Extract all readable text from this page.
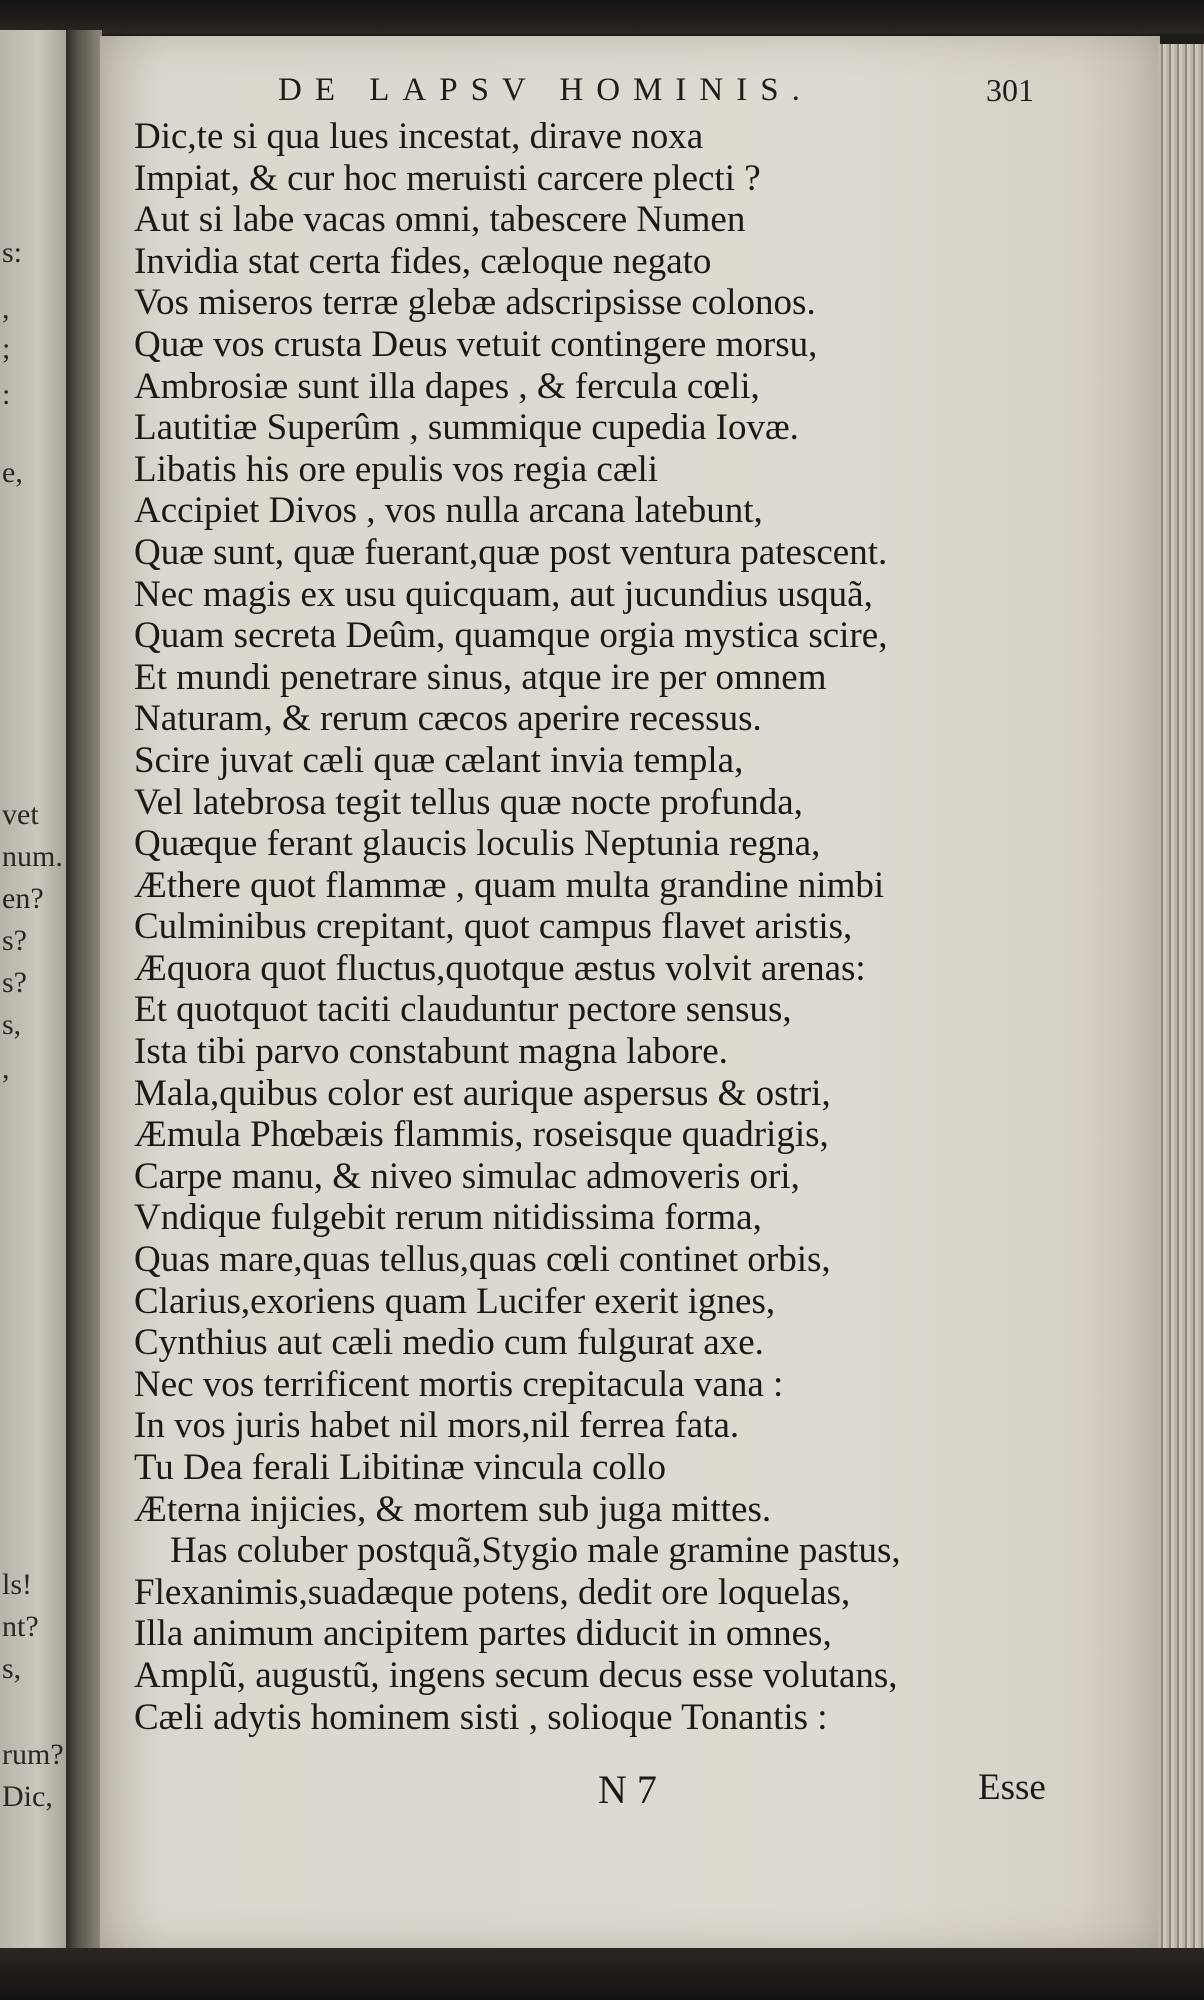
s:
,
;
:
e,
vet
num.
en?
s?
s?
s,
,
ls!
nt?
s,
rum?
Dic,
DE LAPSV HOMINIS.	301
Dic,te si qua lues incestat, dirave noxa
Impiat, & cur hoc meruisti carcere plecti ?
Aut si labe vacas omni, tabescere Numen
Invidia stat certa fides, cæloque negato
Vos miseros terræ glebæ adscripsisse colonos.
Quæ vos crusta Deus vetuit contingere morsu,
Ambrosiæ sunt illa dapes , & fercula cœli,
Lautitiæ Superûm , summique cupedia Iovæ.
Libatis his ore epulis vos regia cæli
Accipiet Divos , vos nulla arcana latebunt,
Quæ sunt, quæ fuerant,quæ post ventura patescent.
Nec magis ex usu quicquam, aut jucundius usquã,
Quam secreta Deûm, quamque orgia mystica scire,
Et mundi penetrare sinus, atque ire per omnem
Naturam, & rerum cæcos aperire recessus.
Scire juvat cæli quæ cælant invia templa,
Vel latebrosa tegit tellus quæ nocte profunda,
Quæque ferant glaucis loculis Neptunia regna,
Æthere quot flammæ , quam multa grandine nimbi
Culminibus crepitant, quot campus flavet aristis,
Æquora quot fluctus,quotque æstus volvit arenas:
Et quotquot taciti clauduntur pectore sensus,
Ista tibi parvo constabunt magna labore.
Mala,quibus color est aurique aspersus & ostri,
Æmula Phœbæis flammis, roseisque quadrigis,
Carpe manu, & niveo simulac admoveris ori,
Vndique fulgebit rerum nitidissima forma,
Quas mare,quas tellus,quas cœli continet orbis,
Clarius,exoriens quam Lucifer exerit ignes,
Cynthius aut cæli medio cum fulgurat axe.
Nec vos terrificent mortis crepitacula vana :
In vos juris habet nil mors,nil ferrea fata.
Tu Dea ferali Libitinæ vincula collo
Æterna injicies, & mortem sub juga mittes.
Has coluber postquã,Stygio male gramine pastus,
Flexanimis,suadæque potens, dedit ore loquelas,
Illa animum ancipitem partes diducit in omnes,
Amplũ, augustũ, ingens secum decus esse volutans,
Cæli adytis hominem sisti , solioque Tonantis :
N 7	Esse
